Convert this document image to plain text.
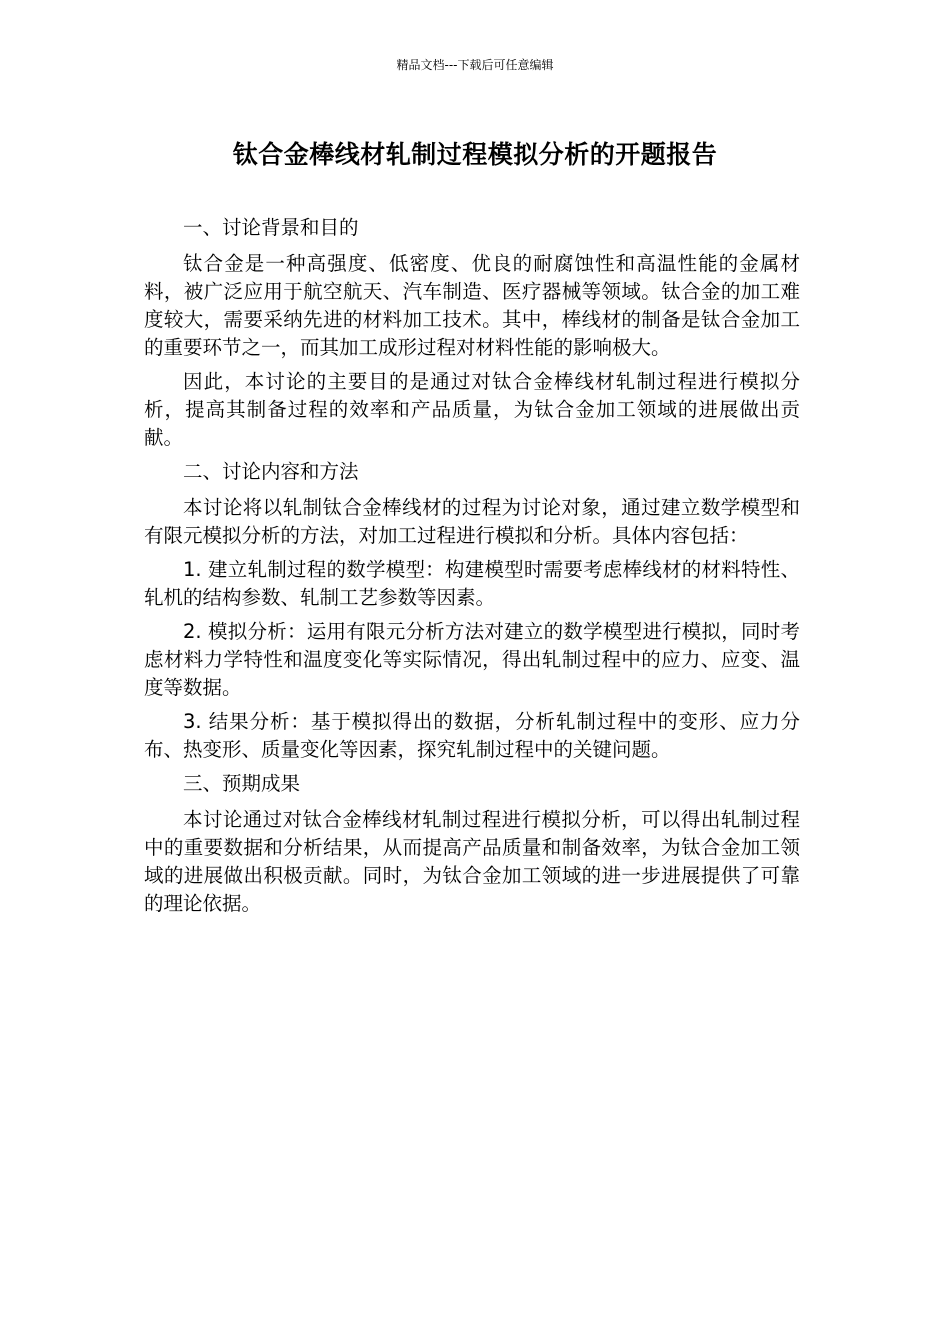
精品文档---下载后可任意编辑
钛合金棒线材轧制过程模拟分析的开题报告
一、讨论背景和目的

钛合金是一种高强度、低密度、优良的耐腐蚀性和高温性能的金属材料，被广泛应用于航空航天、汽车制造、医疗器械等领域。钛合金的加工难度较大，需要采纳先进的材料加工技术。其中，棒线材的制备是钛合金加工的重要环节之一，而其加工成形过程对材料性能的影响极大。

因此，本讨论的主要目的是通过对钛合金棒线材轧制过程进行模拟分析，提高其制备过程的效率和产品质量，为钛合金加工领域的进展做出贡献。

二、讨论内容和方法

本讨论将以轧制钛合金棒线材的过程为讨论对象，通过建立数学模型和有限元模拟分析的方法，对加工过程进行模拟和分析。具体内容包括：

1. 建立轧制过程的数学模型：构建模型时需要考虑棒线材的材料特性、轧机的结构参数、轧制工艺参数等因素。

2. 模拟分析：运用有限元分析方法对建立的数学模型进行模拟，同时考虑材料力学特性和温度变化等实际情况，得出轧制过程中的应力、应变、温度等数据。

3. 结果分析：基于模拟得出的数据，分析轧制过程中的变形、应力分布、热变形、质量变化等因素，探究轧制过程中的关键问题。

三、预期成果

本讨论通过对钛合金棒线材轧制过程进行模拟分析，可以得出轧制过程中的重要数据和分析结果，从而提高产品质量和制备效率，为钛合金加工领域的进展做出积极贡献。同时，为钛合金加工领域的进一步进展提供了可靠的理论依据。
